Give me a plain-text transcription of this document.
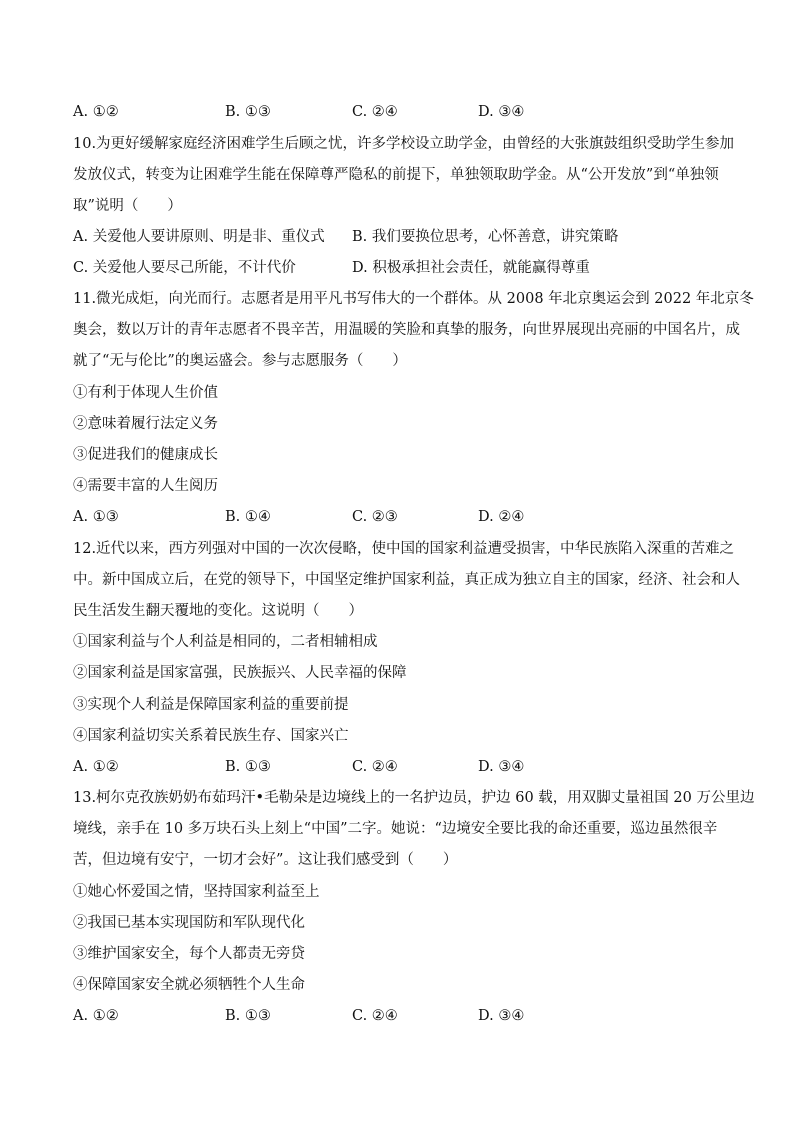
A. ①②	B. ①③	C. ②④	D. ③④
10.为更好缓解家庭经济困难学生后顾之忧，许多学校设立助学金，由曾经的大张旗鼓组织受助学生参加
发放仪式，转变为让困难学生能在保障尊严隐私的前提下，单独领取助学金。从“公开发放”到“单独领
取”说明（　　）
A. 关爱他人要讲原则、明是非、重仪式 B. 我们要换位思考，心怀善意，讲究策略
C. 关爱他人要尽己所能，不计代价	D. 积极承担社会责任，就能赢得尊重
11.微光成炬，向光而行。志愿者是用平凡书写伟大的一个群体。从 2008 年北京奥运会到 2022 年北京冬
奥会，数以万计的青年志愿者不畏辛苦，用温暖的笑脸和真挚的服务，向世界展现出亮丽的中国名片，成
就了“无与伦比”的奥运盛会。参与志愿服务（　　）
①有利于体现人生价值
②意味着履行法定义务
③促进我们的健康成长
④需要丰富的人生阅历
A. ①③	B. ①④	C. ②③	D. ②④
12.近代以来，西方列强对中国的一次次侵略，使中国的国家利益遭受损害，中华民族陷入深重的苦难之
中。新中国成立后，在党的领导下，中国坚定维护国家利益，真正成为独立自主的国家，经济、社会和人
民生活发生翻天覆地的变化。这说明（　　）
①国家利益与个人利益是相同的，二者相辅相成
②国家利益是国家富强，民族振兴、人民幸福的保障
③实现个人利益是保障国家利益的重要前提
④国家利益切实关系着民族生存、国家兴亡
A. ①②	B. ①③	C. ②④	D. ③④
13.柯尔克孜族奶奶布茹玛汗•毛勒朵是边境线上的一名护边员，护边 60 载，用双脚丈量祖国 20 万公里边
境线，亲手在 10 多万块石头上刻上“中国”二字。她说：“边境安全要比我的命还重要，巡边虽然很辛
苦，但边境有安宁，一切才会好”。这让我们感受到（　　）
①她心怀爱国之情，坚持国家利益至上
②我国已基本实现国防和军队现代化
③维护国家安全，每个人都责无旁贷
④保障国家安全就必须牺牲个人生命
A. ①②	B. ①③	C. ②④	D. ③④
